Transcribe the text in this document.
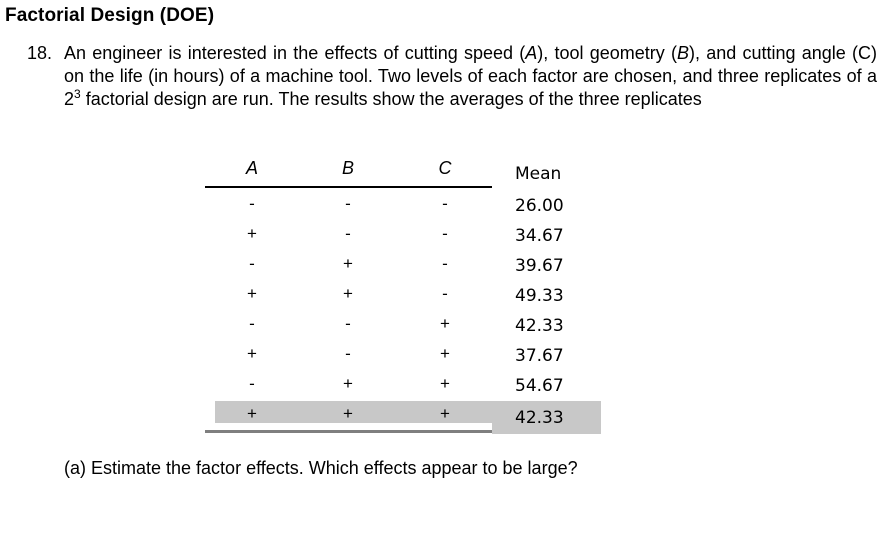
Factorial Design (DOE)
18. An engineer is interested in the effects of cutting speed (A), tool geometry (B), and cutting angle (C) on the life (in hours) of a machine tool. Two levels of each factor are chosen, and three replicates of a $2^3$ factorial design are run. The results show the averages of the three replicates
A	B	C	Mean
-	-	-	26.00
+	-	-	34.67
-	+	-	39.67
+	+	-	49.33
-	-	+	42.33
+	-	+	37.67
-	+	+	54.67
+	+	+	42.33
(a) Estimate the factor effects. Which effects appear to be large?
